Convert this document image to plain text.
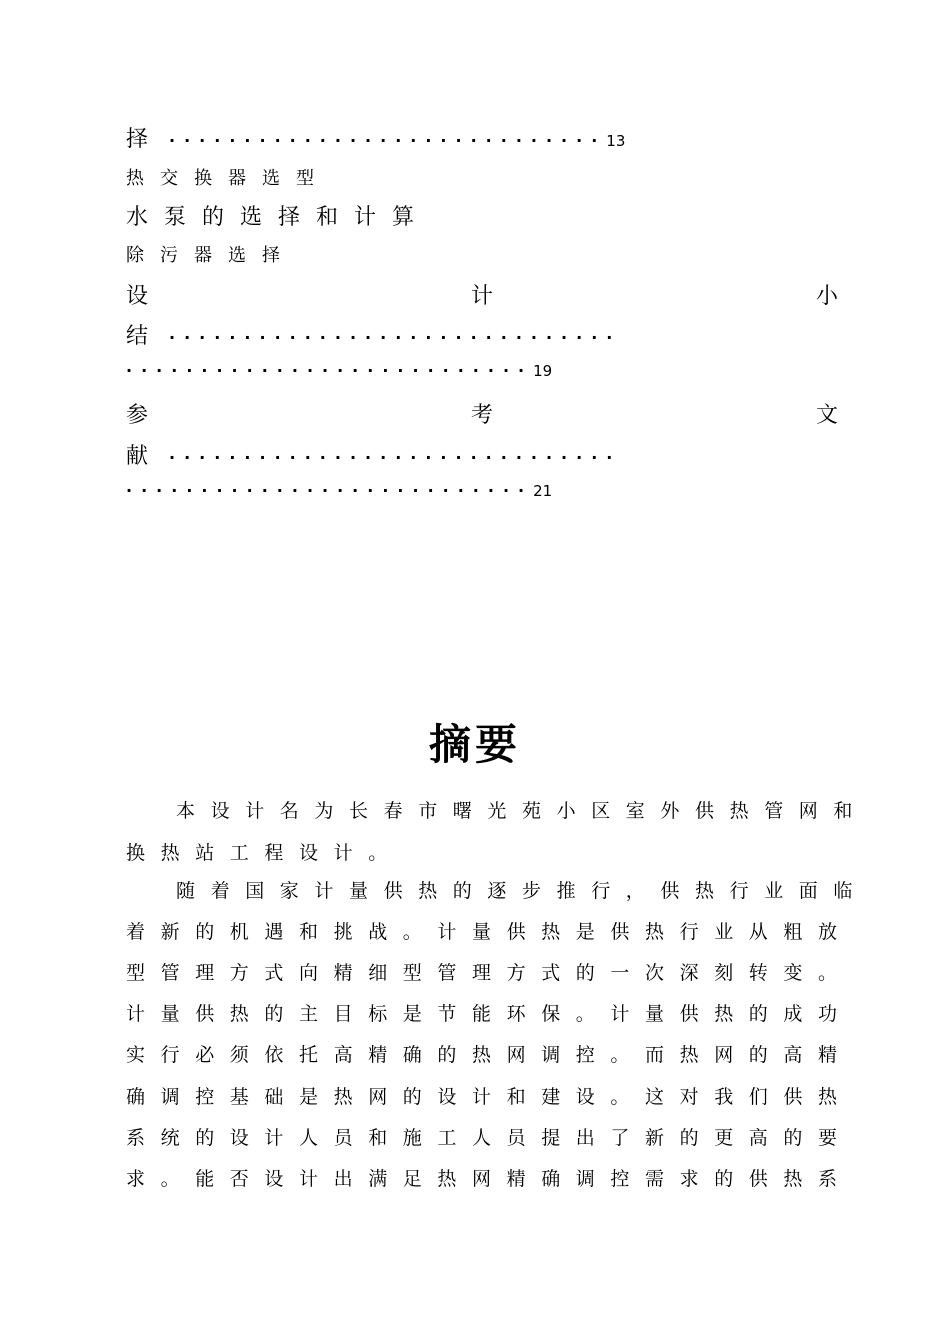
择 ·····························13
热交换器选型
水泵的选择和计算
除污器选择
设	计	小
结 ······························
···························19
参	考	文
献 ······························
···························21
摘要
本设计名为长春市曙光苑小区室外供热管网和
换热站工程设计。
随着国家计量供热的逐步推行，供热行业面临
着新的机遇和挑战。计量供热是供热行业从粗放
型管理方式向精细型管理方式的一次深刻转变。
计量供热的主目标是节能环保。计量供热的成功
实行必须依托高精确的热网调控。而热网的高精
确调控基础是热网的设计和建设。这对我们供热
系统的设计人员和施工人员提出了新的更高的要
求。能否设计出满足热网精确调控需求的供热系
